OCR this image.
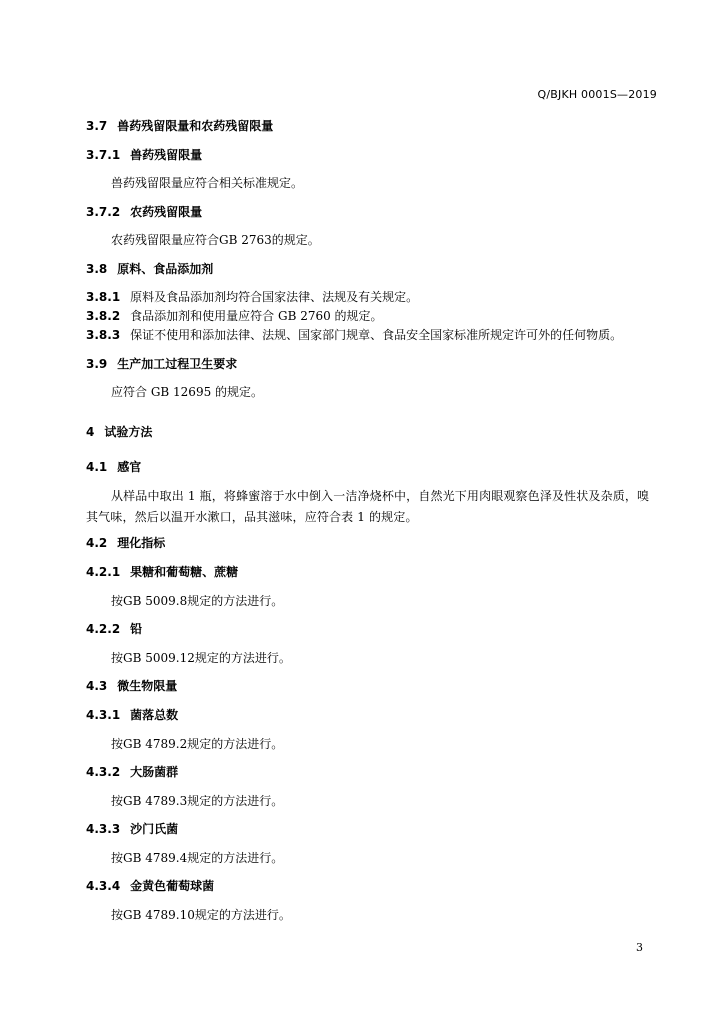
Q/BJKH 0001S—2019
3.7 兽药残留限量和农药残留限量
3.7.1 兽药残留限量
兽药残留限量应符合相关标准规定。
3.7.2 农药残留限量
农药残留限量应符合GB 2763的规定。
3.8 原料、食品添加剂
3.8.1 原料及食品添加剂均符合国家法律、法规及有关规定。
3.8.2 食品添加剂和使用量应符合 GB 2760 的规定。
3.8.3 保证不使用和添加法律、法规、国家部门规章、食品安全国家标准所规定许可外的任何物质。
3.9 生产加工过程卫生要求
应符合 GB 12695 的规定。
4 试验方法
4.1 感官
从样品中取出 1 瓶，将蜂蜜溶于水中倒入一洁净烧杯中，自然光下用肉眼观察色泽及性状及杂质，嗅其气味，然后以温开水漱口，品其滋味，应符合表 1 的规定。
4.2 理化指标
4.2.1 果糖和葡萄糖、蔗糖
按GB 5009.8规定的方法进行。
4.2.2 铅
按GB 5009.12规定的方法进行。
4.3 微生物限量
4.3.1 菌落总数
按GB 4789.2规定的方法进行。
4.3.2 大肠菌群
按GB 4789.3规定的方法进行。
4.3.3 沙门氏菌
按GB 4789.4规定的方法进行。
4.3.4 金黄色葡萄球菌
按GB 4789.10规定的方法进行。
3
